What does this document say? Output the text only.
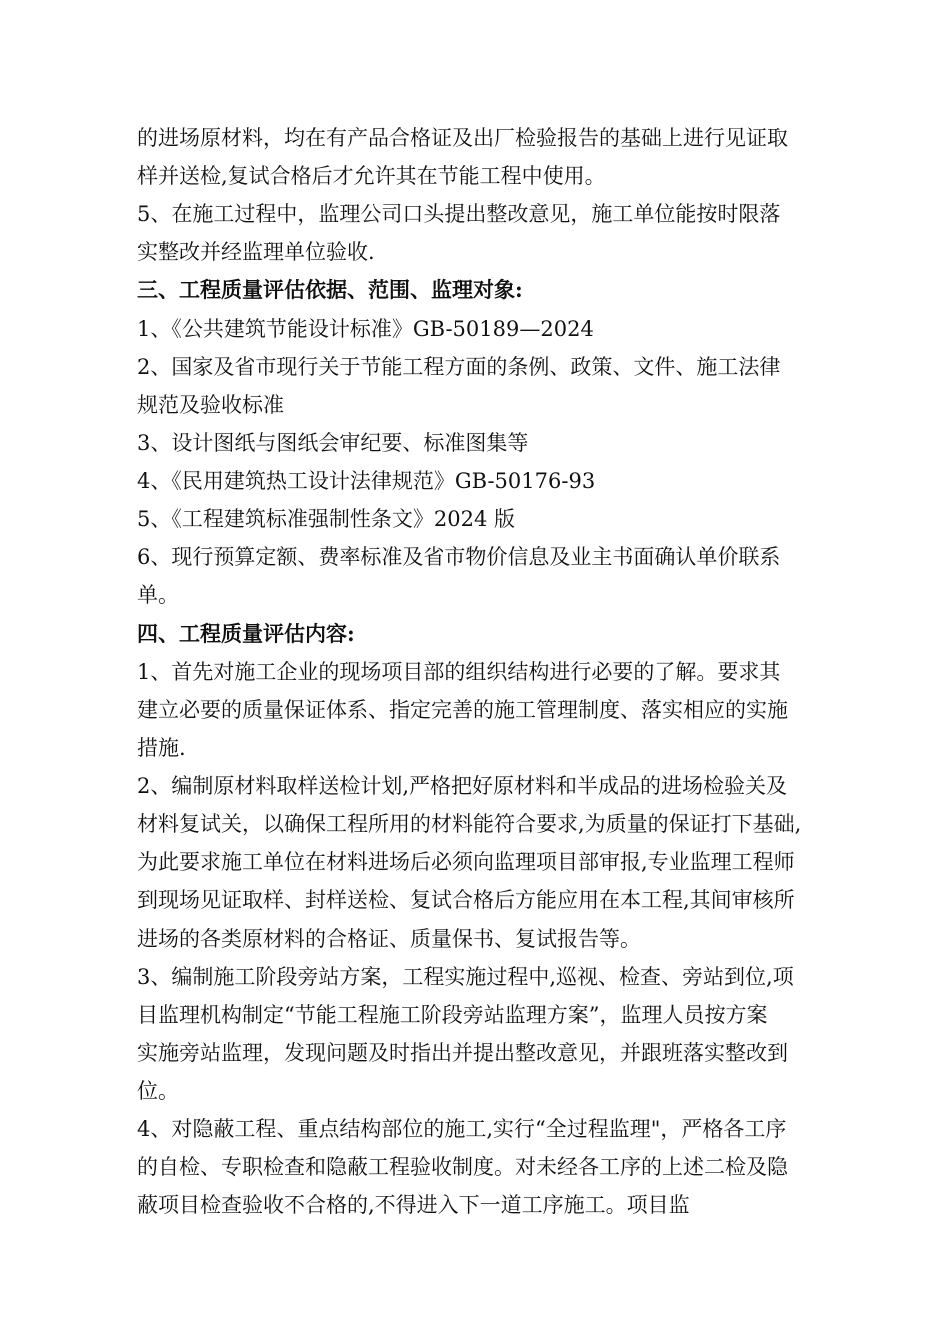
的进场原材料，均在有产品合格证及出厂检验报告的基础上进行见证取
样并送检,复试合格后才允许其在节能工程中使用。
5、在施工过程中，监理公司口头提出整改意见，施工单位能按时限落
实整改并经监理单位验收.
三、工程质量评估依据、范围、监理对象:
1、《公共建筑节能设计标准》GB-50189—2024
2、国家及省市现行关于节能工程方面的条例、政策、文件、施工法律
规范及验收标准
3、设计图纸与图纸会审纪要、标准图集等
4、《民用建筑热工设计法律规范》GB-50176-93
5、《工程建筑标准强制性条文》2024 版
6、现行预算定额、费率标准及省市物价信息及业主书面确认单价联系
单。
四、工程质量评估内容:
1、首先对施工企业的现场项目部的组织结构进行必要的了解。要求其
建立必要的质量保证体系、指定完善的施工管理制度、落实相应的实施
措施.
2、编制原材料取样送检计划,严格把好原材料和半成品的进场检验关及
材料复试关，以确保工程所用的材料能符合要求,为质量的保证打下基础,
为此要求施工单位在材料进场后必须向监理项目部审报,专业监理工程师
到现场见证取样、封样送检、复试合格后方能应用在本工程,其间审核所
进场的各类原材料的合格证、质量保书、复试报告等。
3、编制施工阶段旁站方案，工程实施过程中,巡视、检查、旁站到位,项
目监理机构制定“节能工程施工阶段旁站监理方案”，监理人员按方案
实施旁站监理，发现问题及时指出并提出整改意见，并跟班落实整改到
位。
4、对隐蔽工程、重点结构部位的施工,实行“全过程监理"，严格各工序
的自检、专职检查和隐蔽工程验收制度。对未经各工序的上述二检及隐
蔽项目检查验收不合格的,不得进入下一道工序施工。项目监
